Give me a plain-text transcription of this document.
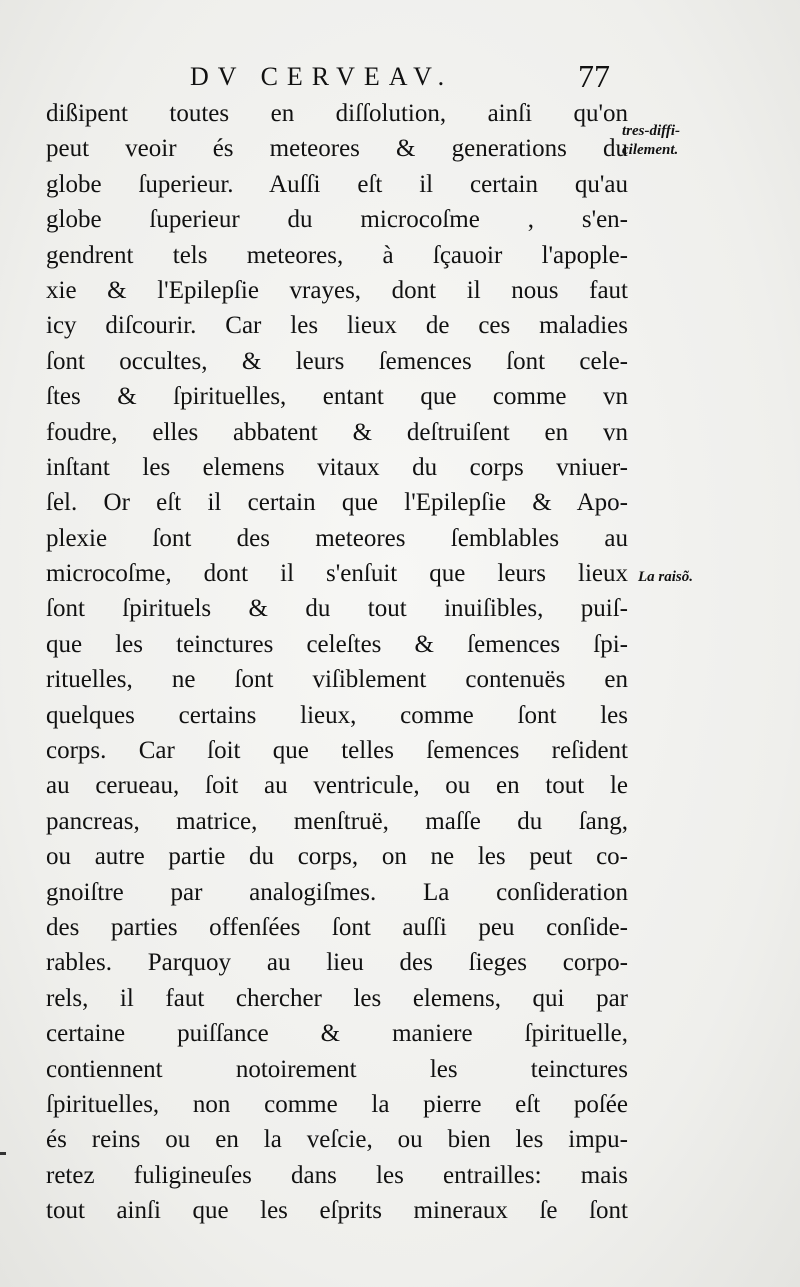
DV CERVEAV.	77
dißipent toutes en diſſolution, ainſi qu'on
peut veoir és meteores & generations du
globe ſuperieur. Auſſi eſt il certain qu'au
globe ſuperieur du microcoſme , s'en-
gendrent tels meteores, à ſçauoir l'apople-
xie & l'Epilepſie vrayes, dont il nous faut
icy diſcourir. Car les lieux de ces maladies
ſont occultes, & leurs ſemences ſont cele-
ſtes & ſpirituelles, entant que comme vn
foudre, elles abbatent & deſtruiſent en vn
inſtant les elemens vitaux du corps vniuer-
ſel. Or eſt il certain que l'Epilepſie & Apo-
plexie ſont des meteores ſemblables au
microcoſme, dont il s'enſuit que leurs lieux
ſont ſpirituels & du tout inuiſibles, puiſ-
que les teinctures celeſtes & ſemences ſpi-
rituelles, ne ſont viſiblement contenuës en
quelques certains lieux, comme ſont les
corps. Car ſoit que telles ſemences reſident
au cerueau, ſoit au ventricule, ou en tout le
pancreas, matrice, menſtruë, maſſe du ſang,
ou autre partie du corps, on ne les peut co-
gnoiſtre par analogiſmes. La conſideration
des parties offenſées ſont auſſi peu conſide-
rables. Parquoy au lieu des ſieges corpo-
rels, il faut chercher les elemens, qui par
certaine puiſſance & maniere ſpirituelle,
contiennent notoirement les teinctures
ſpirituelles, non comme la pierre eſt poſée
és reins ou en la veſcie, ou bien les impu-
retez fuligineuſes dans les entrailles: mais
tout ainſi que les eſprits mineraux ſe ſont
tres-diffi-
cilement.
La raisõ.
